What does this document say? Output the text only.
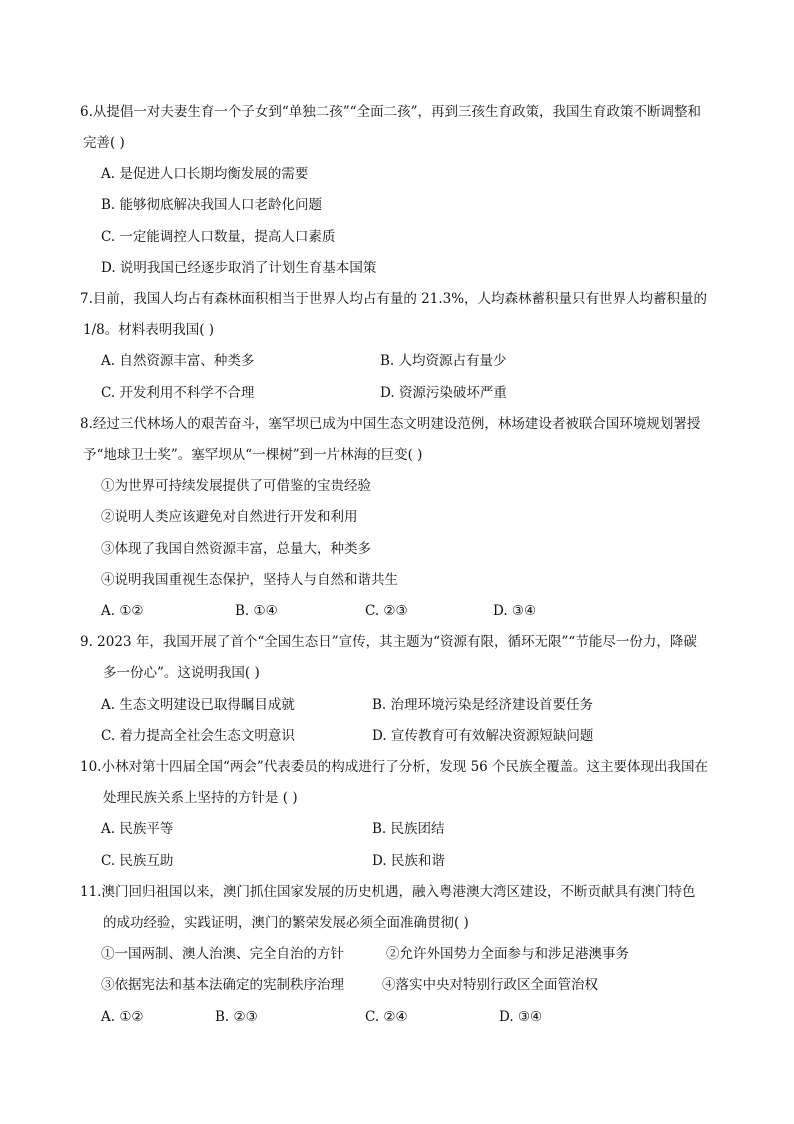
6.从提倡一对夫妻生育一个子女到“单独二孩”“全面二孩”，再到三孩生育政策，我国生育政策不断调整和
完善( )
A. 是促进人口长期均衡发展的需要
B. 能够彻底解决我国人口老龄化问题
C. 一定能调控人口数量，提高人口素质
D. 说明我国已经逐步取消了计划生育基本国策
7.目前，我国人均占有森林面积相当于世界人均占有量的 21.3%，人均森林蓄积量只有世界人均蓄积量的
1/8。材料表明我国( )
A. 自然资源丰富、种类多	B. 人均资源占有量少
C. 开发利用不科学不合理	D. 资源污染破坏严重
8.经过三代林场人的艰苦奋斗，塞罕坝已成为中国生态文明建设范例，林场建设者被联合国环境规划署授
予“地球卫士奖”。塞罕坝从“一棵树”到一片林海的巨变( )
①为世界可持续发展提供了可借鉴的宝贵经验
②说明人类应该避免对自然进行开发和利用
③体现了我国自然资源丰富，总量大，种类多
④说明我国重视生态保护，坚持人与自然和谐共生
A. ①②	B. ①④	C. ②③	D. ③④
9. 2023 年，我国开展了首个“全国生态日”宣传，其主题为“资源有限，循环无限”“节能尽一份力，降碳
多一份心”。这说明我国( )
A. 生态文明建设已取得瞩目成就	B. 治理环境污染是经济建设首要任务
C. 着力提高全社会生态文明意识	D. 宣传教育可有效解决资源短缺问题
10.小林对第十四届全国“两会”代表委员的构成进行了分析，发现 56 个民族全覆盖。这主要体现出我国在
处理民族关系上坚持的方针是 ( )
A. 民族平等	B. 民族团结
C. 民族互助	D. 民族和谐
11.澳门回归祖国以来，澳门抓住国家发展的历史机遇，融入粤港澳大湾区建设，不断贡献具有澳门特色
的成功经验，实践证明，澳门的繁荣发展必须全面准确贯彻( )
①一国两制、澳人治澳、完全自治的方针	②允许外国势力全面参与和涉足港澳事务
③依据宪法和基本法确定的宪制秩序治理	④落实中央对特别行政区全面管治权
A. ①②	B. ②③	C. ②④	D. ③④
